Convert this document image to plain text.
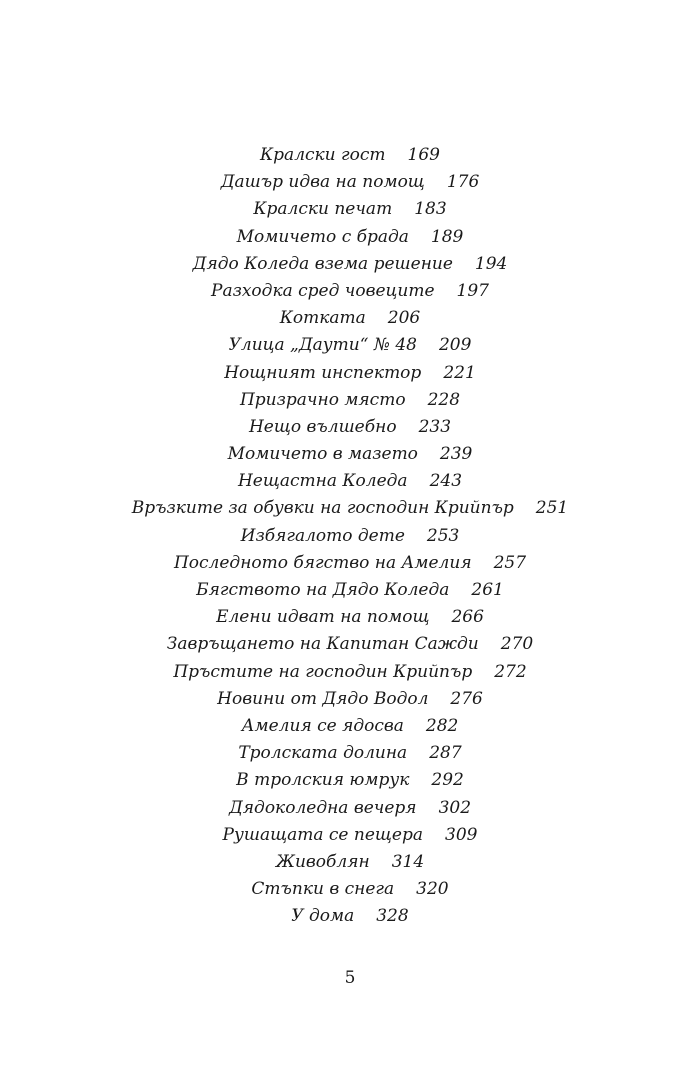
Кралски гост 169
Дашър идва на помощ 176
Кралски печат 183
Момичето с брада 189
Дядо Коледа взема решение 194
Разходка сред човеците 197
Котката 206
Улица „Даути“ № 48 209
Нощният инспектор 221
Призрачно място 228
Нещо вълшебно 233
Момичето в мазето 239
Нещастна Коледа 243
Връзките за обувки на господин Крийпър 251
Избягалото дете 253
Последното бягство на Амелия 257
Бягството на Дядо Коледа 261
Елени идват на помощ 266
Завръщането на Капитан Сажди 270
Пръстите на господин Крийпър 272
Новини от Дядо Водол 276
Амелия се ядосва 282
Тролската долина 287
В тролския юмрук 292
Дядоколедна вечеря 302
Рушащата се пещера 309
Живоблян 314
Стъпки в снега 320
У дома 328
5
